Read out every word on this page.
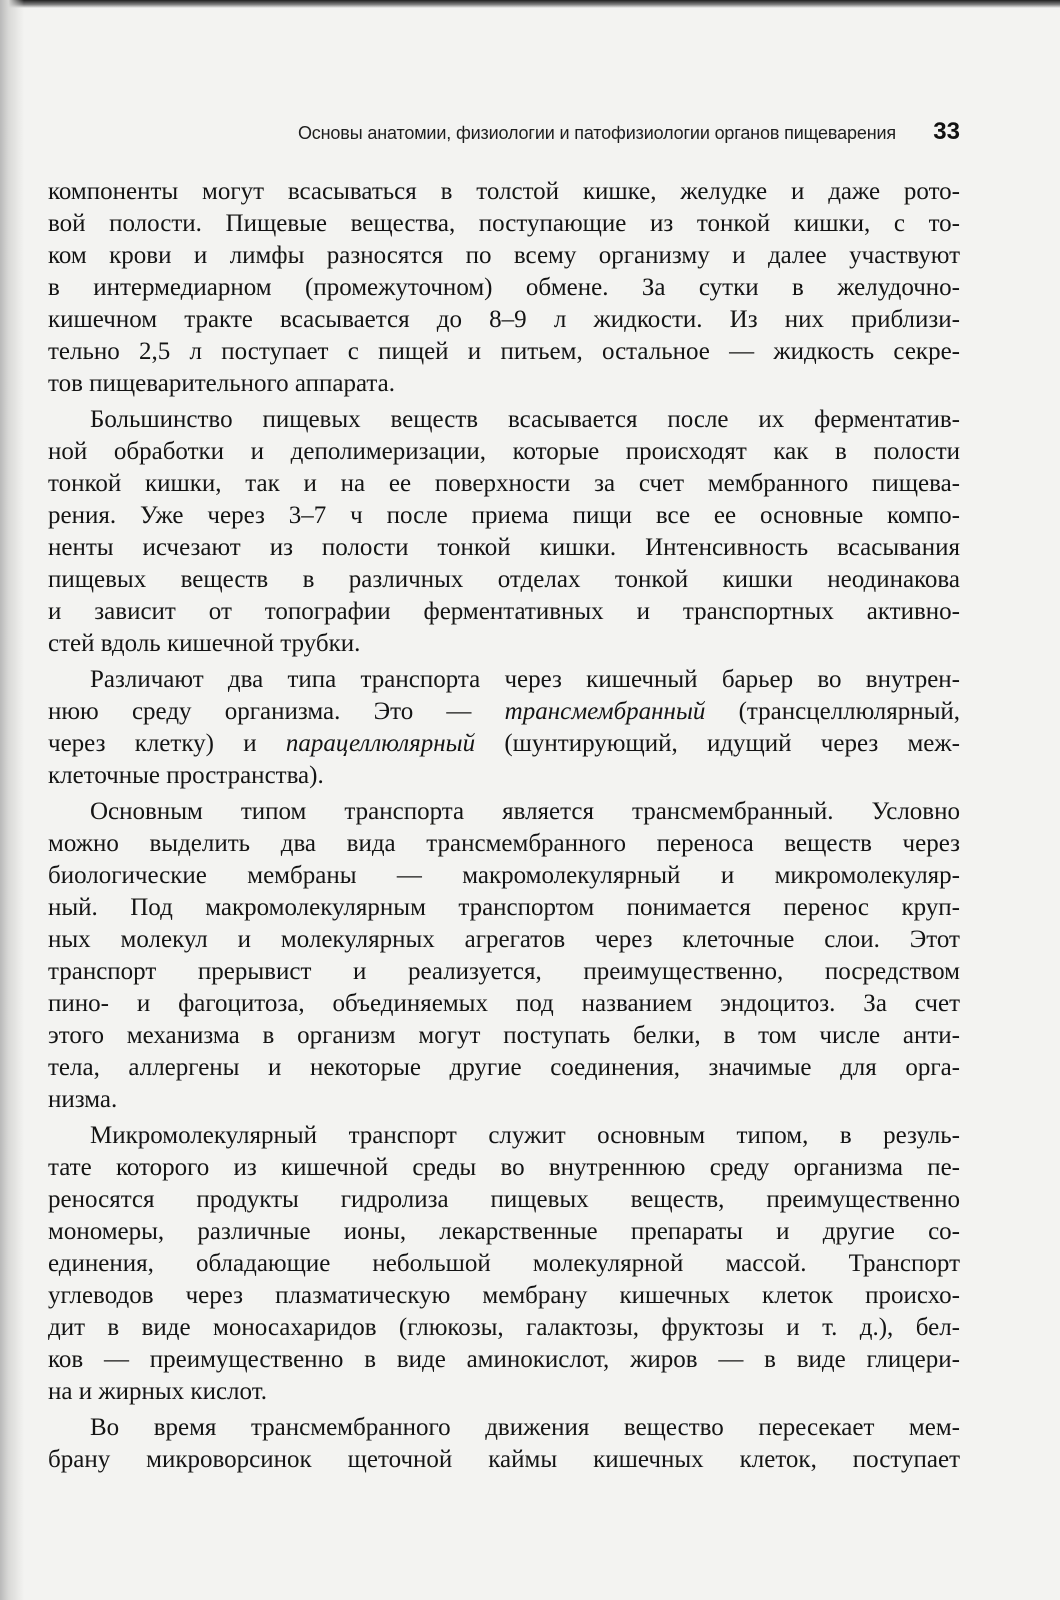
Основы анатомии, физиологии и патофизиологии органов пищеварения 33
компоненты могут всасываться в толстой кишке, желудке и даже рото-
вой полости. Пищевые вещества, поступающие из тонкой кишки, с то-
ком крови и лимфы разносятся по всему организму и далее участвуют
в интермедиарном (промежуточном) обмене. За сутки в желудочно-
кишечном тракте всасывается до 8–9 л жидкости. Из них приблизи-
тельно 2,5 л поступает с пищей и питьем, остальное — жидкость секре-
тов пищеварительного аппарата.
Большинство пищевых веществ всасывается после их ферментатив-
ной обработки и деполимеризации, которые происходят как в полости
тонкой кишки, так и на ее поверхности за счет мембранного пищева-
рения. Уже через 3–7 ч после приема пищи все ее основные компо-
ненты исчезают из полости тонкой кишки. Интенсивность всасывания
пищевых веществ в различных отделах тонкой кишки неодинакова
и зависит от топографии ферментативных и транспортных активно-
стей вдоль кишечной трубки.
Различают два типа транспорта через кишечный барьер во внутрен-
нюю среду организма. Это — трансмембранный (трансцеллюлярный,
через клетку) и парацеллюлярный (шунтирующий, идущий через меж-
клеточные пространства).
Основным типом транспорта является трансмембранный. Условно
можно выделить два вида трансмембранного переноса веществ через
биологические мембраны — макромолекулярный и микромолекуляр-
ный. Под макромолекулярным транспортом понимается перенос круп-
ных молекул и молекулярных агрегатов через клеточные слои. Этот
транспорт прерывист и реализуется, преимущественно, посредством
пино- и фагоцитоза, объединяемых под названием эндоцитоз. За счет
этого механизма в организм могут поступать белки, в том числе анти-
тела, аллергены и некоторые другие соединения, значимые для орга-
низма.
Микромолекулярный транспорт служит основным типом, в резуль-
тате которого из кишечной среды во внутреннюю среду организма пе-
реносятся продукты гидролиза пищевых веществ, преимущественно
мономеры, различные ионы, лекарственные препараты и другие со-
единения, обладающие небольшой молекулярной массой. Транспорт
углеводов через плазматическую мембрану кишечных клеток происхо-
дит в виде моносахаридов (глюкозы, галактозы, фруктозы и т. д.), бел-
ков — преимущественно в виде аминокислот, жиров — в виде глицери-
на и жирных кислот.
Во время трансмембранного движения вещество пересекает мем-
брану микроворсинок щеточной каймы кишечных клеток, поступает
